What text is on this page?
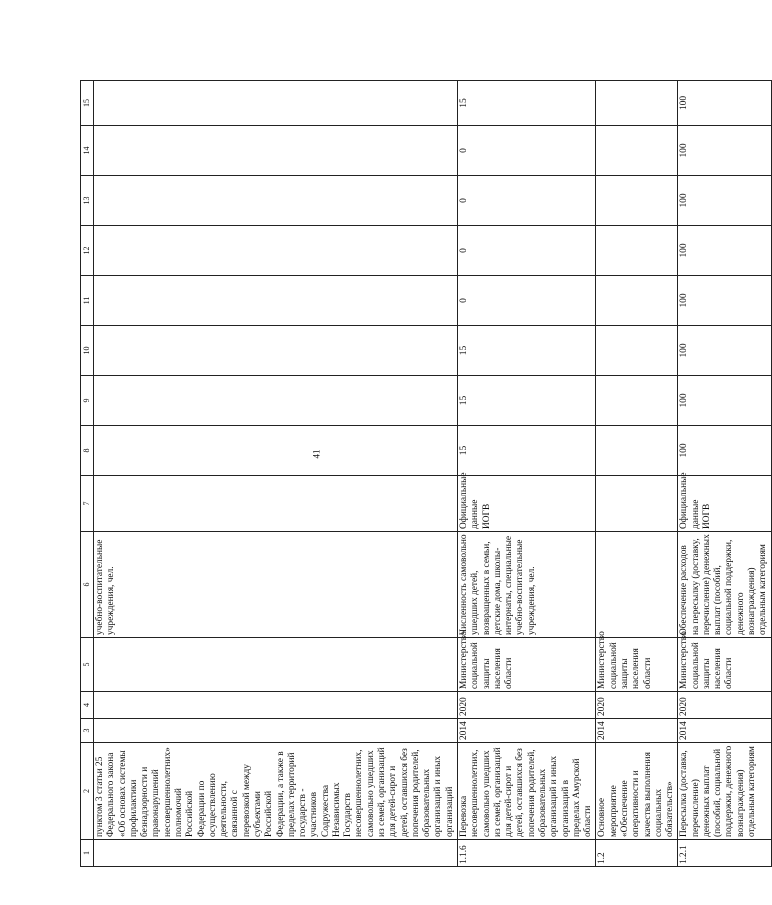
41
1	2	3	4	5	6	7	8	9	10	11	12	13	14	15
	пунктом 3 статьи 25 Федерального закона «Об основах системы профилактики безнадзорности и правонарушений несовершеннолетних» полномочий Российской Федерации по осуществлению деятельности, связанной с перевозкой между субъектами Российской Федерации, а также в пределах территорий государств - участников Содружества Независимых Государств несовершеннолетних, самовольно ушедших из семей, организаций для детей-сирот и детей, оставшихся без попечения родителей, образовательных организаций и иных организаций				учебно-воспитательные учреждения, чел.									
1.1.6	Перевозка несовершеннолетних, самовольно ушедших из семей, организаций для детей-сирот и детей, оставшихся без попечения родителей, образовательных организаций и иных организаций в пределах Амурской области	2014	2020	Министерство социальной защиты населения области	Численность самовольно ушедших детей, возвращенных в семьи, детские дома, школы-интернаты, специальные учебно-воспитательные учреждения, чел.	Официальные данные ИОГВ	15	15	15	0	0	0	0	15
1.2	Основное мероприятие «Обеспечение оперативности и качества выполнения социальных обязательств»	2014	2020	Министерство социальной защиты населения области										
1.2.1	Пересылка (доставка, перечисление) денежных выплат (пособий, социальной поддержки, денежного вознаграждения) отдельным категориям	2014	2020	Министерство социальной защиты населения области	Обеспечение расходов на пересылку (доставку, перечисление) денежных выплат (пособий, социальной поддержки, денежного вознаграждения) отдельным категориям	Официальные данные ИОГВ	100	100	100	100	100	100	100	100
